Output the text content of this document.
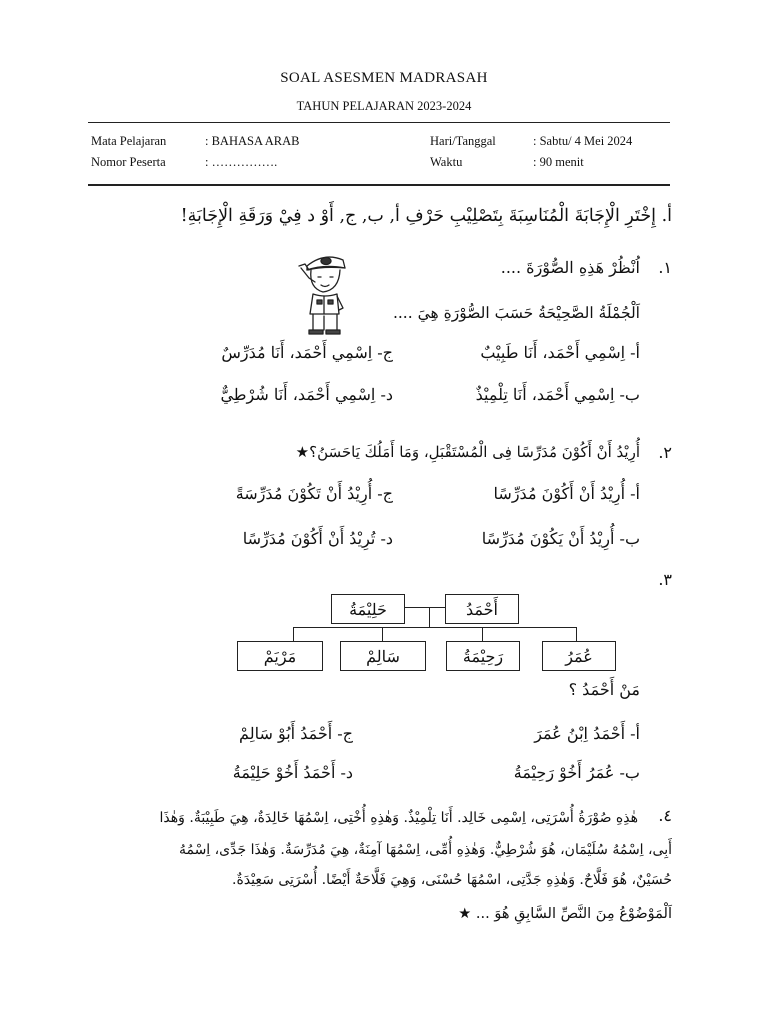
SOAL ASESMEN MADRASAH
TAHUN PELAJARAN 2023-2024
Mata Pelajaran	: BAHASA ARAB
Nomor Peserta	: …………….
Hari/Tanggal	: Sabtu/ 4 Mei 2024
Waktu	: 90 menit
أ. إِخْتَرِ الْإِجَابَةَ الْمُنَاسِبَةَ بِتَصْلِيْبِ حَرْفِ أ, ب, ج, أَوْ د فِيْ وَرَقَةِ الْإِجَابَةِ!
١.
اُنْظُرْ هَذِهِ الصُّوْرَةَ ....
اَلْجُمْلَةُ الصَّحِيْحَةُ حَسَبَ الصُّوْرَةِ هِيَ ....
أ- اِسْمِي أَحْمَد، أَنَا طَبِيْبٌ
ج- اِسْمِي أَحْمَد، أَنَا مُدَرِّسٌ
ب- اِسْمِي أَحْمَد، أَنَا تِلْمِيْذٌ
د- اِسْمِي أَحْمَد، أَنَا شُرْطِيٌّ
٢.
أُرِيْدُ أَنْ أَكُوْنَ مُدَرِّسًا فِى الْمُسْتَقْبَلِ، وَمَا أَمَلُكَ يَاحَسَنُ؟★
أ- أُرِيْدُ أَنْ أَكُوْنَ مُدَرِّسًا
ج- أُرِيْدُ أَنْ تَكُوْنَ مُدَرِّسَةً
ب- أُرِيْدُ أَنْ يَكُوْنَ مُدَرِّسًا
د- تُرِيْدُ أَنْ أَكُوْنَ مُدَرِّسًا
٣.
حَلِيْمَةُ	أَحْمَدُ
مَرْيَمْ	سَالِمْ	رَحِيْمَةُ	عُمَرُ
مَنْ أَحْمَدُ ؟
أ- أَحْمَدُ اِبْنُ عُمَرَ
ج- أَحْمَدُ أَبُوْ سَالِمْ
ب- عُمَرُ أَخُوْ رَحِيْمَةُ
د- أَحْمَدُ أَخُوْ حَلِيْمَةُ
٤.
هٰذِهِ صُوْرَةُ أُسْرَتِى، اِسْمِى خَالِد. أَنَا تِلْمِيْذٌ. وَهٰذِهِ أُخْتِى، اِسْمُهَا خَالِدَةٌ، هِيَ طَبِيْبَةٌ. وَهٰذَا
أَبِى، اِسْمُهُ سُلَيْمَان، هُوَ شُرْطِيٌّ. وَهٰذِهِ أُمِّى، اِسْمُهَا آمِنَةٌ، هِيَ مُدَرِّسَةٌ. وَهٰذَا جَدِّى، اِسْمُهُ
حُسَيْنٌ، هُوَ فَلَّاحٌ. وَهٰذِهِ جَدَّتِى، اسْمُهَا حُسْنَى، وَهِيَ فَلَّاحَةٌ أَيْضًا. أُسْرَتِى سَعِيْدَةٌ.
اَلْمَوْضُوْعُ مِنَ النَّصِّ السَّابِقِ هُوَ ... ★
